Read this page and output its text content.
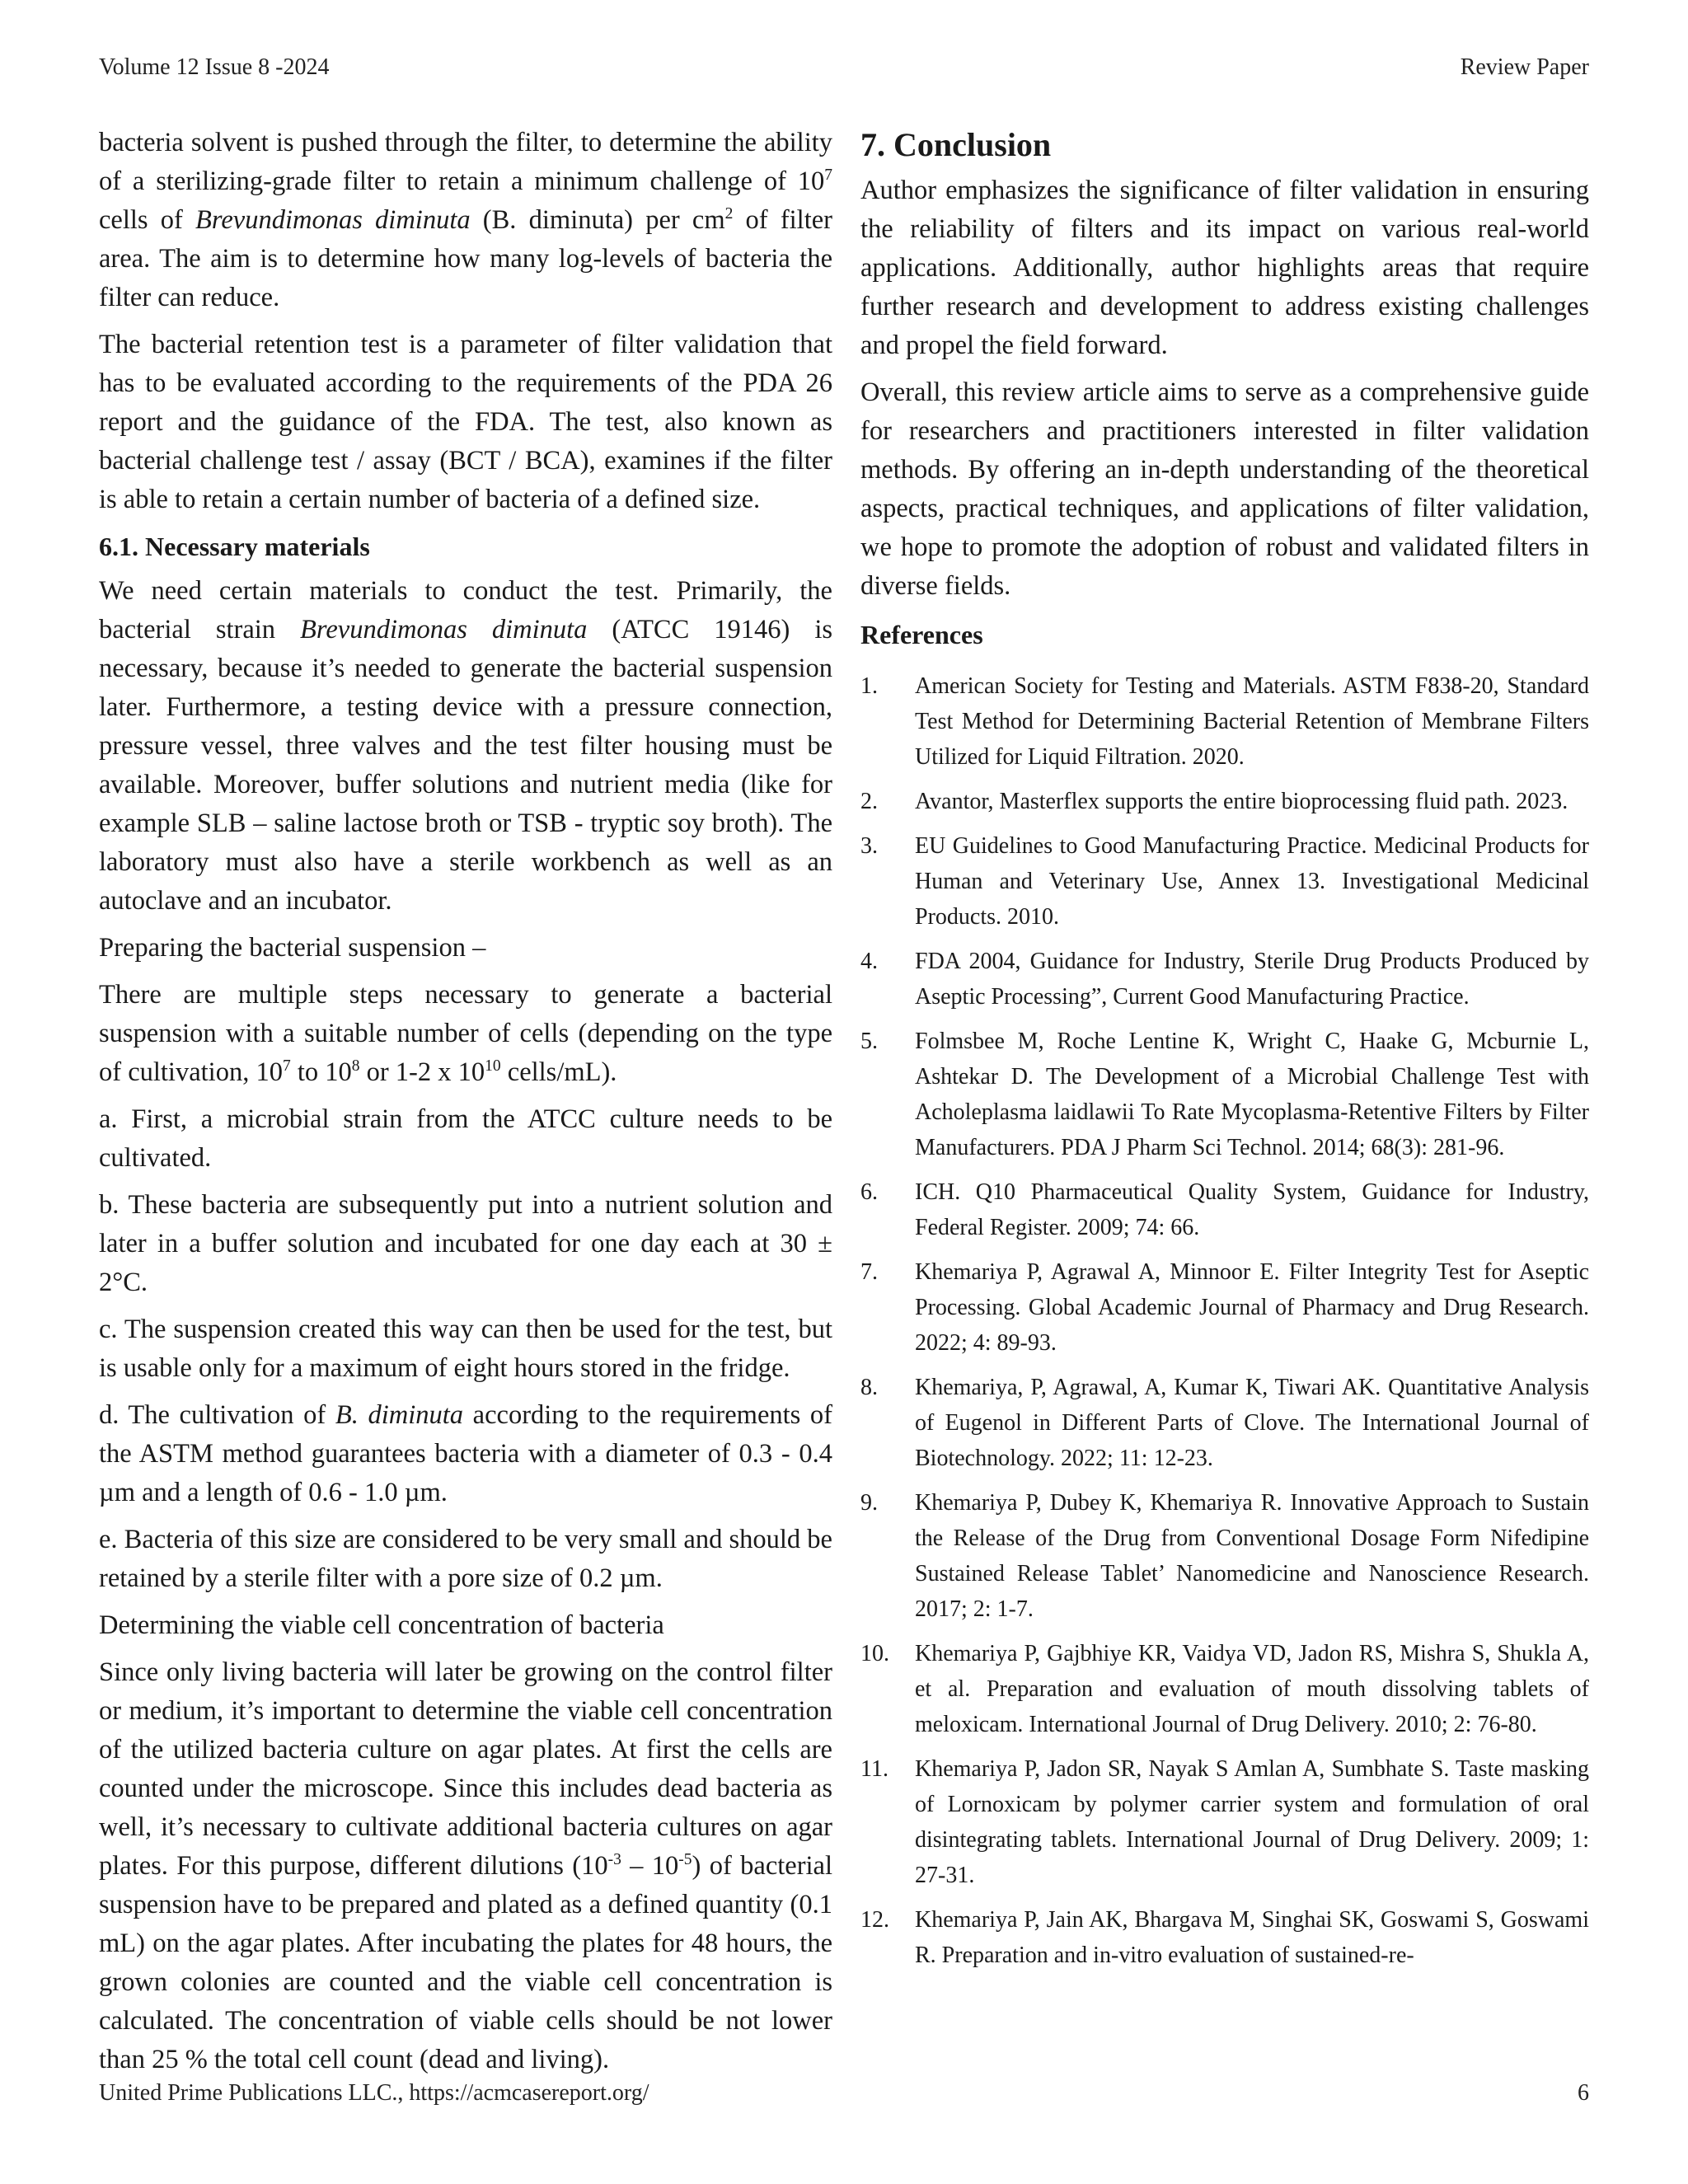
Volume 12 Issue 8 -2024	Review Paper

bacteria solvent is pushed through the filter, to determine the ability of a sterilizing-grade filter to retain a minimum challenge of $10^7$ cells of Brevundimonas diminuta (B. diminuta) per $cm^2$ of filter area. The aim is to determine how many log-levels of bacteria the filter can reduce.

The bacterial retention test is a parameter of filter validation that has to be evaluated according to the requirements of the PDA 26 report and the guidance of the FDA. The test, also known as bacterial challenge test / assay (BCT / BCA), examines if the filter is able to retain a certain number of bacteria of a defined size.

6.1. Necessary materials

We need certain materials to conduct the test. Primarily, the bacterial strain Brevundimonas diminuta (ATCC 19146) is necessary, because it’s needed to generate the bacterial suspension later. Furthermore, a testing device with a pressure connection, pressure vessel, three valves and the test filter housing must be available. Moreover, buffer solutions and nutrient media (like for example SLB – saline lactose broth or TSB - tryptic soy broth). The laboratory must also have a sterile workbench as well as an autoclave and an incubator.

Preparing the bacterial suspension –

There are multiple steps necessary to generate a bacterial suspension with a suitable number of cells (depending on the type of cultivation, $10^7$ to $10^8$ or 1-2 x $10^{10}$ cells/mL).

a. First, a microbial strain from the ATCC culture needs to be cultivated.

b. These bacteria are subsequently put into a nutrient solution and later in a buffer solution and incubated for one day each at 30 ± 2°C.

c. The suspension created this way can then be used for the test, but is usable only for a maximum of eight hours stored in the fridge.

d. The cultivation of B. diminuta according to the requirements of the ASTM method guarantees bacteria with a diameter of 0.3 - 0.4 µm and a length of 0.6 - 1.0 µm.

e. Bacteria of this size are considered to be very small and should be retained by a sterile filter with a pore size of 0.2 µm.

Determining the viable cell concentration of bacteria

Since only living bacteria will later be growing on the control filter or medium, it’s important to determine the viable cell concentration of the utilized bacteria culture on agar plates. At first the cells are counted under the microscope. Since this includes dead bacteria as well, it’s necessary to cultivate additional bacteria cultures on agar plates. For this purpose, different dilutions $(10^{-3} - 10^{-5})$ of bacterial suspension have to be prepared and plated as a defined quantity (0.1 mL) on the agar plates. After incubating the plates for 48 hours, the grown colonies are counted and the viable cell concentration is calculated. The concentration of viable cells should be not lower than 25 % the total cell count (dead and living).

7. Conclusion

Author emphasizes the significance of filter validation in ensuring the reliability of filters and its impact on various real-world applications. Additionally, author highlights areas that require further research and development to address existing challenges and propel the field forward.

Overall, this review article aims to serve as a comprehensive guide for researchers and practitioners interested in filter validation methods. By offering an in-depth understanding of the theoretical aspects, practical techniques, and applications of filter validation, we hope to promote the adoption of robust and validated filters in diverse fields.

References
1.	American Society for Testing and Materials. ASTM F838-20, Standard Test Method for Determining Bacterial Retention of Membrane Filters Utilized for Liquid Filtration. 2020.
2.	Avantor, Masterflex supports the entire bioprocessing fluid path. 2023.
3.	EU Guidelines to Good Manufacturing Practice. Medicinal Products for Human and Veterinary Use, Annex 13. Investigational Medicinal Products. 2010.
4.	FDA 2004, Guidance for Industry, Sterile Drug Products Produced by Aseptic Processing”, Current Good Manufacturing Practice.
5.	Folmsbee M, Roche Lentine K, Wright C, Haake G, Mcburnie L, Ashtekar D. The Development of a Microbial Challenge Test with Acholeplasma laidlawii To Rate Mycoplasma-Retentive Filters by Filter Manufacturers. PDA J Pharm Sci Technol. 2014; 68(3): 281-96.
6.	ICH. Q10 Pharmaceutical Quality System, Guidance for Industry, Federal Register. 2009; 74: 66.
7.	Khemariya P, Agrawal A, Minnoor E. Filter Integrity Test for Aseptic Processing. Global Academic Journal of Pharmacy and Drug Research. 2022; 4: 89-93.
8.	Khemariya, P, Agrawal, A, Kumar K, Tiwari AK. Quantitative Analysis of Eugenol in Different Parts of Clove. The International Journal of Biotechnology. 2022; 11: 12-23.
9.	Khemariya P, Dubey K, Khemariya R. Innovative Approach to Sustain the Release of the Drug from Conventional Dosage Form Nifedipine Sustained Release Tablet’ Nanomedicine and Nanoscience Research. 2017; 2: 1-7.
10.	Khemariya P, Gajbhiye KR, Vaidya VD, Jadon RS, Mishra S, Shukla A, et al. Preparation and evaluation of mouth dissolving tablets of meloxicam. International Journal of Drug Delivery. 2010; 2: 76-80.
11.	Khemariya P, Jadon SR, Nayak S Amlan A, Sumbhate S. Taste masking of Lornoxicam by polymer carrier system and formulation of oral disintegrating tablets. International Journal of Drug Delivery. 2009; 1: 27-31.
12.	Khemariya P, Jain AK, Bhargava M, Singhai SK, Goswami S, Goswami R. Preparation and in-vitro evaluation of sustained-re-
United Prime Publications LLC., https://acmcasereport.org/	6
